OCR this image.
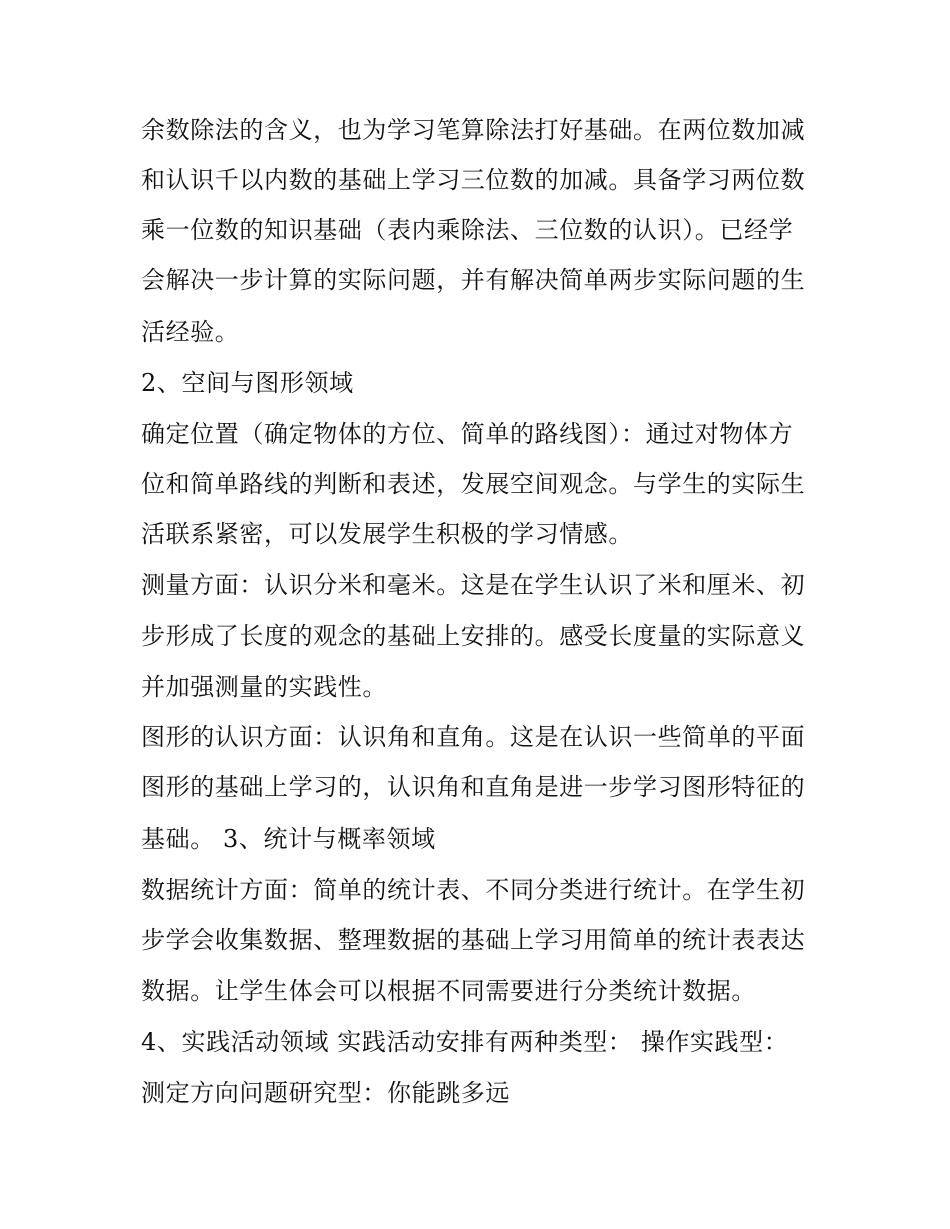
余数除法的含义，也为学习笔算除法打好基础。在两位数加减
和认识千以内数的基础上学习三位数的加减。具备学习两位数
乘一位数的知识基础（表内乘除法、三位数的认识）。已经学
会解决一步计算的实际问题，并有解决简单两步实际问题的生
活经验。
2、空间与图形领域
确定位置（确定物体的方位、简单的路线图）：通过对物体方
位和简单路线的判断和表述，发展空间观念。与学生的实际生
活联系紧密，可以发展学生积极的学习情感。
测量方面：认识分米和毫米。这是在学生认识了米和厘米、初
步形成了长度的观念的基础上安排的。感受长度量的实际意义
并加强测量的实践性。
图形的认识方面：认识角和直角。这是在认识一些简单的平面
图形的基础上学习的，认识角和直角是进一步学习图形特征的
基础。 3、统计与概率领域
数据统计方面：简单的统计表、不同分类进行统计。在学生初
步学会收集数据、整理数据的基础上学习用简单的统计表表达
数据。让学生体会可以根据不同需要进行分类统计数据。
4、实践活动领域 实践活动安排有两种类型： 操作实践型：
测定方向问题研究型：你能跳多远
